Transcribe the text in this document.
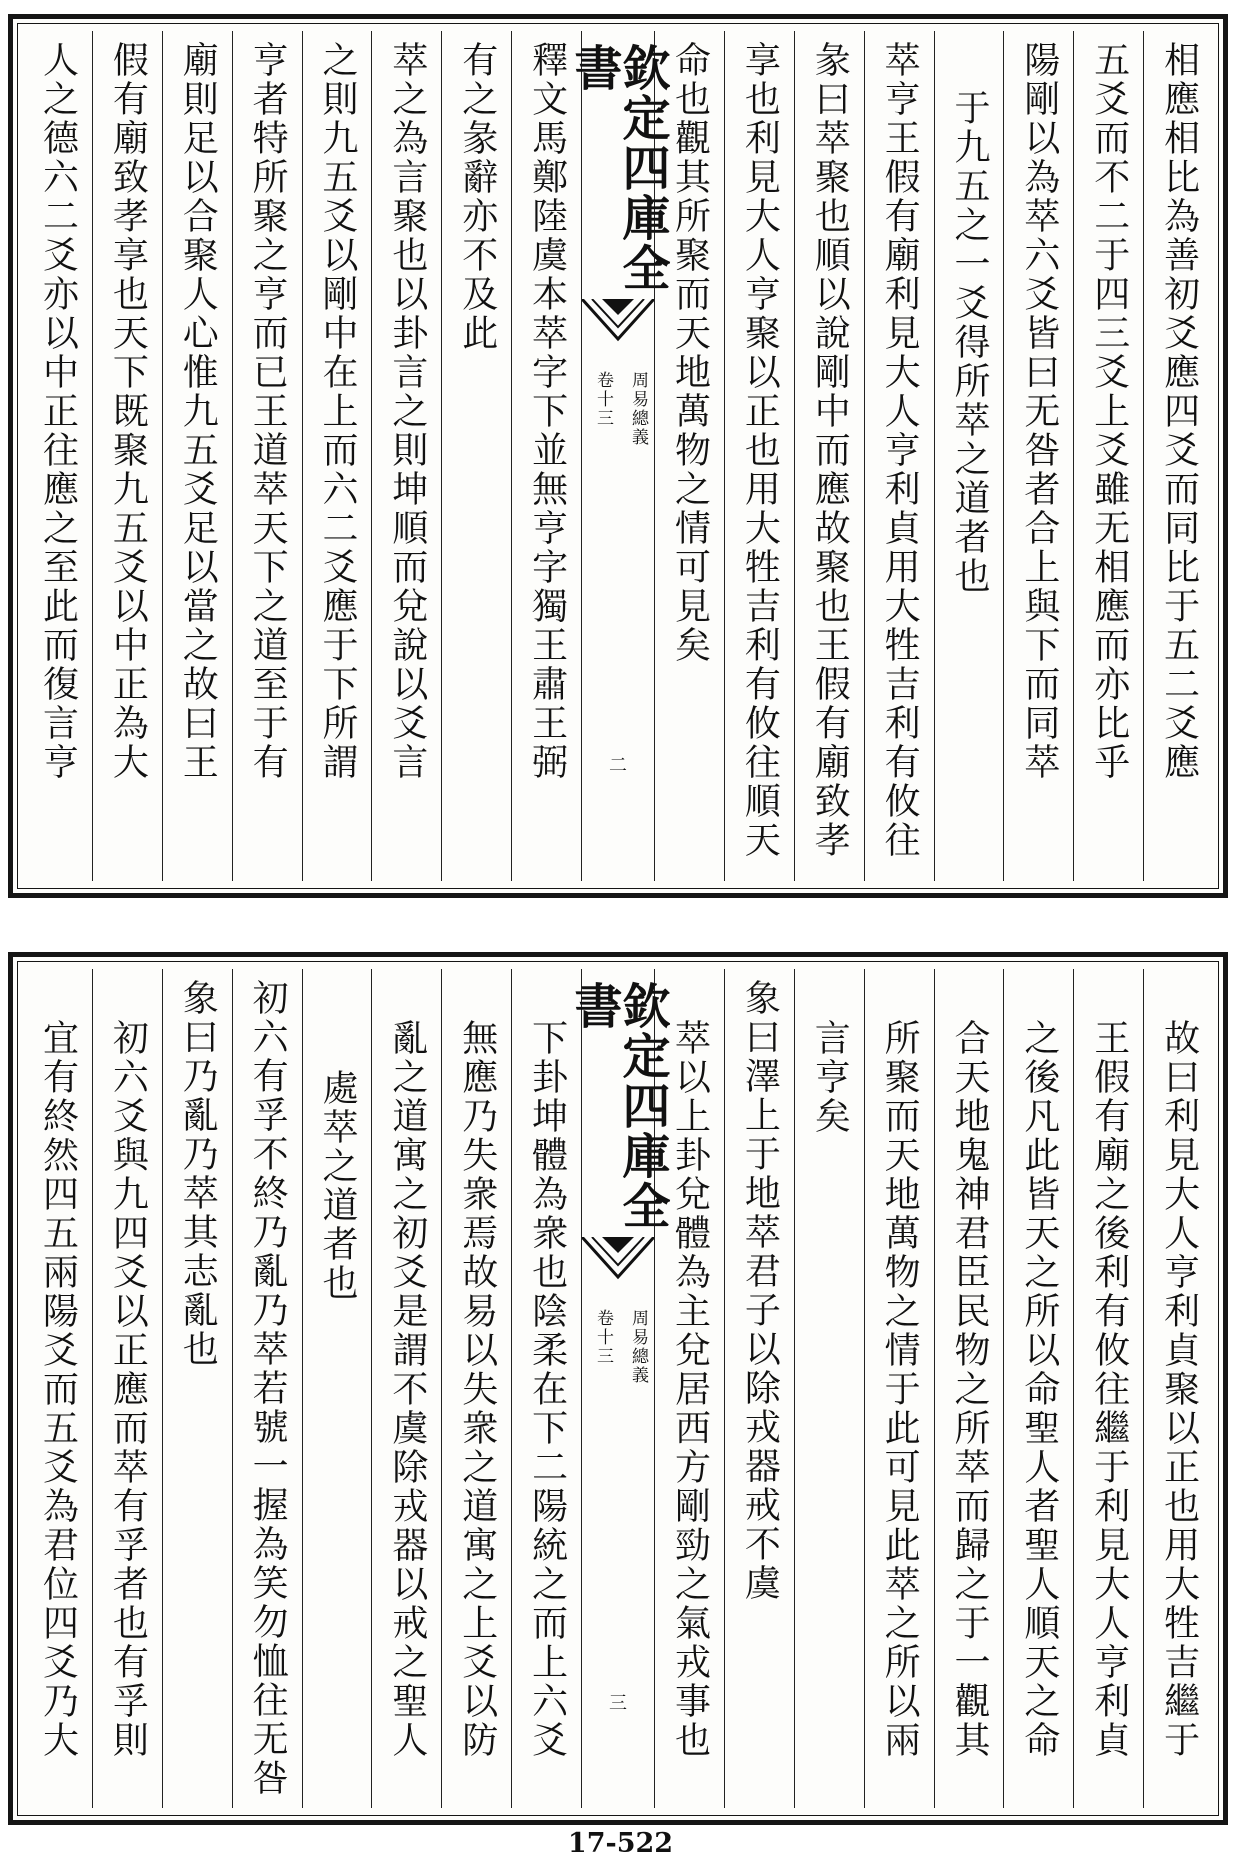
相應相比為善初爻應四爻而同比于五二爻應
五爻而不二于四三爻上爻雖无相應而亦比乎
陽剛以為萃六爻皆曰无咎者合上與下而同萃
于九五之一爻得所萃之道者也
萃亨王假有廟利見大人亨利貞用大牲吉利有攸往
彖曰萃聚也順以說剛中而應故聚也王假有廟致孝
享也利見大人亨聚以正也用大牲吉利有攸往順天
命也觀其所聚而天地萬物之情可見矣
欽定四庫全書
周易總義
卷十三
二
釋文馬鄭陸虞本萃字下並無亨字獨王肅王弼
有之彖辭亦不及此
萃之為言聚也以卦言之則坤順而兌說以爻言
之則九五爻以剛中在上而六二爻應于下所謂
亨者特所聚之亨而已王道萃天下之道至于有
廟則足以合聚人心惟九五爻足以當之故曰王
假有廟致孝享也天下既聚九五爻以中正為大
人之德六二爻亦以中正往應之至此而復言亨
故曰利見大人亨利貞聚以正也用大牲吉繼于
王假有廟之後利有攸往繼于利見大人亨利貞
之後凡此皆天之所以命聖人者聖人順天之命
合天地鬼神君臣民物之所萃而歸之于一觀其
所聚而天地萬物之情于此可見此萃之所以兩
言亨矣
象曰澤上于地萃君子以除戎器戒不虞
萃以上卦兌體為主兌居西方剛勁之氣戎事也
欽定四庫全書
周易總義
卷十三
三
下卦坤體為衆也陰柔在下二陽統之而上六爻
無應乃失衆焉故易以失衆之道寓之上爻以防
亂之道寓之初爻是謂不虞除戎器以戒之聖人
處萃之道者也
初六有孚不終乃亂乃萃若號一握為笑勿恤往无咎
象曰乃亂乃萃其志亂也
初六爻與九四爻以正應而萃有孚者也有孚則
宜有終然四五兩陽爻而五爻為君位四爻乃大
17-522
